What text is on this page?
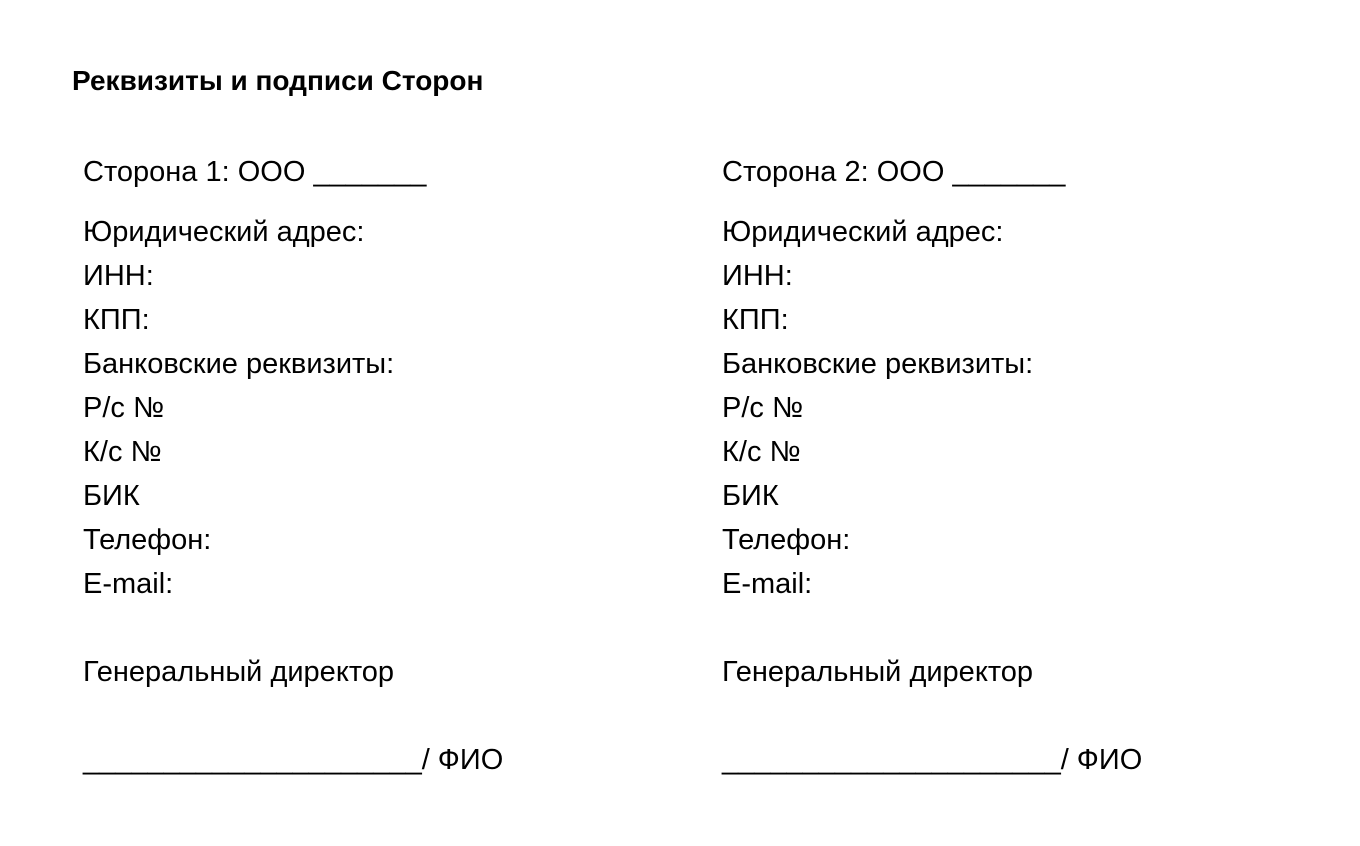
Реквизиты и подписи Сторон
Сторона 1: ООО _______
Юридический адрес:
ИНН:
КПП:
Банковские реквизиты:
Р/с №
К/с №
БИК
Телефон:
E-mail:
Генеральный директор
_____________________/ ФИО
Сторона 2: ООО _______
Юридический адрес:
ИНН:
КПП:
Банковские реквизиты:
Р/с №
К/с №
БИК
Телефон:
E-mail:
Генеральный директор
_____________________/ ФИО
